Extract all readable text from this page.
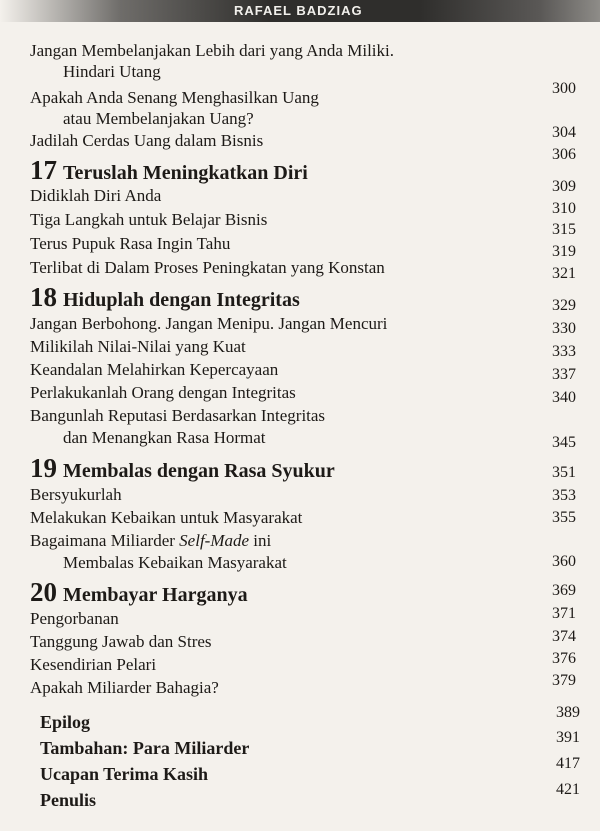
RAFAEL BADZIAG
Jangan Membelanjakan Lebih dari yang Anda Miliki.
Hindari Utang
Apakah Anda Senang Menghasilkan Uang
atau Membelanjakan Uang?
Jadilah Cerdas Uang dalam Bisnis
17 Teruslah Meningkatkan Diri
Didiklah Diri Anda
Tiga Langkah untuk Belajar Bisnis
Terus Pupuk Rasa Ingin Tahu
Terlibat di Dalam Proses Peningkatan yang Konstan
18 Hiduplah dengan Integritas
Jangan Berbohong. Jangan Menipu. Jangan Mencuri
Milikilah Nilai-Nilai yang Kuat
Keandalan Melahirkan Kepercayaan
Perlakukanlah Orang dengan Integritas
Bangunlah Reputasi Berdasarkan Integritas
dan Menangkan Rasa Hormat
19 Membalas dengan Rasa Syukur
Bersyukurlah
Melakukan Kebaikan untuk Masyarakat
Bagaimana Miliarder Self-Made ini
Membalas Kebaikan Masyarakat
20 Membayar Harganya
Pengorbanan
Tanggung Jawab dan Stres
Kesendirian Pelari
Apakah Miliarder Bahagia?
Epilog
Tambahan: Para Miliarder
Ucapan Terima Kasih
Penulis
300
304
306
309
310
315
319
321
329
330
333
337
340
345
351
353
355
360
369
371
374
376
379
389
391
417
421
